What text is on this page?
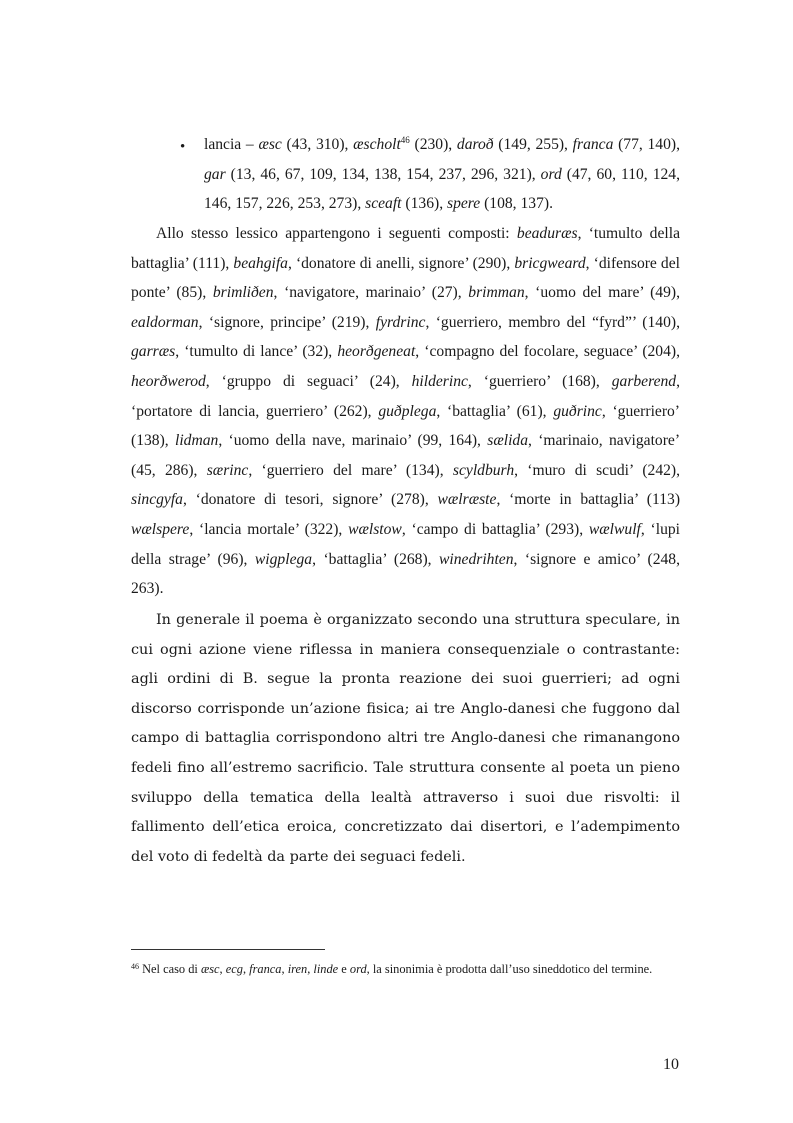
• lancia – æsc (43, 310), æscholt$^{46}$ (230), daroð (149, 255), franca (77, 140), gar (13, 46, 67, 109, 134, 138, 154, 237, 296, 321), ord (47, 60, 110, 124, 146, 157, 226, 253, 273), sceaft (136), spere (108, 137).

Allo stesso lessico appartengono i seguenti composti: beaduræs, ‘tumulto della battaglia’ (111), beahgifa, ‘donatore di anelli, signore’ (290), bricgweard, ‘difensore del ponte’ (85), brimliðen, ‘navigatore, marinaio’ (27), brimman, ‘uomo del mare’ (49), ealdorman, ‘signore, principe’ (219), fyrdrinc, ‘guerriero, membro del “fyrd”’ (140), garræs, ‘tumulto di lance’ (32), heorðgeneat, ‘compagno del focolare, seguace’ (204), heorðwerod, ‘gruppo di seguaci’ (24), hilderinc, ‘guerriero’ (168), garberend, ‘portatore di lancia, guerriero’ (262), guðplega, ‘battaglia’ (61), guðrinc, ‘guerriero’ (138), lidman, ‘uomo della nave, marinaio’ (99, 164), sælida, ‘marinaio, navigatore’ (45, 286), særinc, ‘guerriero del mare’ (134), scyldburh, ‘muro di scudi’ (242), sincgyfa, ‘donatore di tesori, signore’ (278), wælræste, ‘morte in battaglia’ (113) wælspere, ‘lancia mortale’ (322), wælstow, ‘campo di battaglia’ (293), wælwulf, ‘lupi della strage’ (96), wigplega, ‘battaglia’ (268), winedrihten, ‘signore e amico’ (248, 263).

In generale il poema è organizzato secondo una struttura speculare, in cui ogni azione viene riflessa in maniera consequenziale o contrastante: agli ordini di B. segue la pronta reazione dei suoi guerrieri; ad ogni discorso corrisponde un’azione fisica; ai tre Anglo-danesi che fuggono dal campo di battaglia corrispondono altri tre Anglo-danesi che rimanangono fedeli fino all’estremo sacrificio. Tale struttura consente al poeta un pieno sviluppo della tematica della lealtà attraverso i suoi due risvolti: il fallimento dell’etica eroica, concretizzato dai disertori, e l’adempimento del voto di fedeltà da parte dei seguaci fedeli.

$^{46}$ Nel caso di æsc, ecg, franca, iren, linde e ord, la sinonimia è prodotta dall’uso sineddotico del termine.

10
